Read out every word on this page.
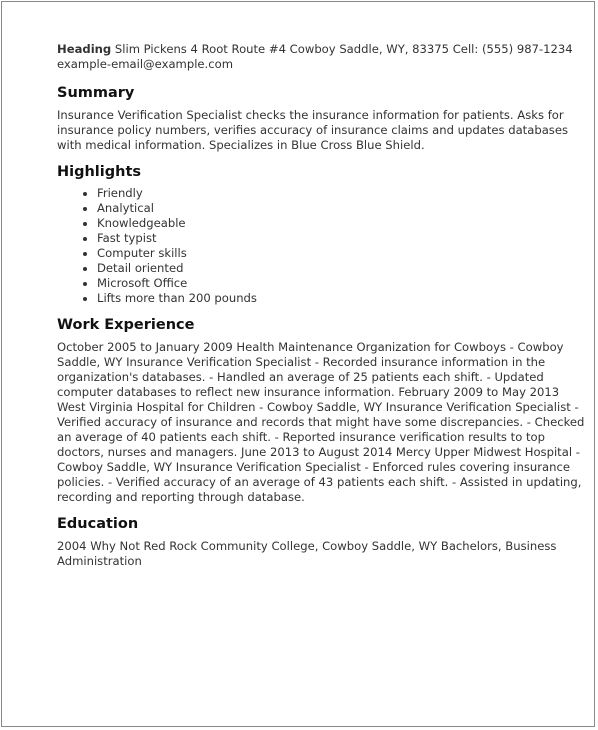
Heading Slim Pickens 4 Root Route #4 Cowboy Saddle, WY, 83375 Cell: (555) 987-1234

example-email@example.com

Summary

Insurance Verification Specialist checks the insurance information for patients. Asks for insurance policy numbers, verifies accuracy of insurance claims and updates databases with medical information. Specializes in Blue Cross Blue Shield.

Highlights
• Friendly
• Analytical
• Knowledgeable
• Fast typist
• Computer skills
• Detail oriented
• Microsoft Office
• Lifts more than 200 pounds
Work Experience

October 2005 to January 2009 Health Maintenance Organization for Cowboys - Cowboy Saddle, WY Insurance Verification Specialist - Recorded insurance information in the organization's databases. - Handled an average of 25 patients each shift. - Updated computer databases to reflect new insurance information. February 2009 to May 2013 West Virginia Hospital for Children - Cowboy Saddle, WY Insurance Verification Specialist - Verified accuracy of insurance and records that might have some discrepancies. - Checked an average of 40 patients each shift. - Reported insurance verification results to top doctors, nurses and managers. June 2013 to August 2014 Mercy Upper Midwest Hospital - Cowboy Saddle, WY Insurance Verification Specialist - Enforced rules covering insurance policies. - Verified accuracy of an average of 43 patients each shift. - Assisted in updating, recording and reporting through database.

Education

2004 Why Not Red Rock Community College, Cowboy Saddle, WY Bachelors, Business Administration
